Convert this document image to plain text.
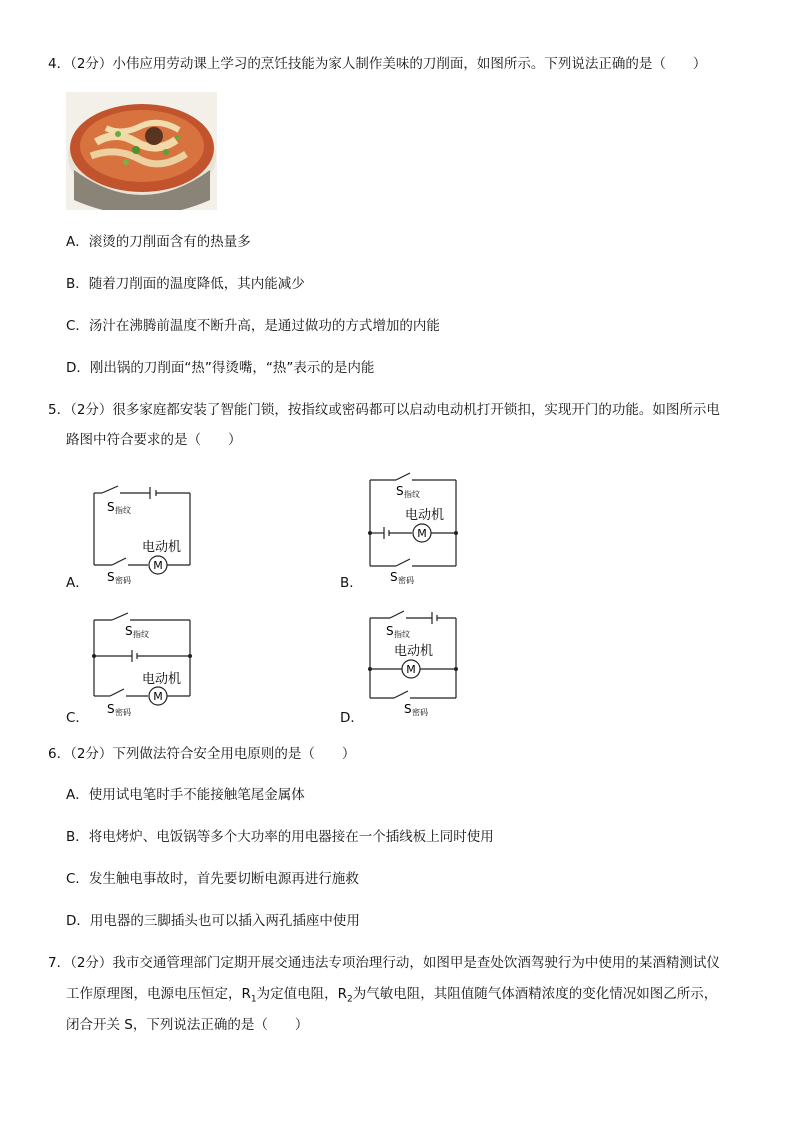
4．（2分）小伟应用劳动课上学习的烹饪技能为家人制作美味的刀削面，如图所示。下列说法正确的是（　　）
A．滚烫的刀削面含有的热量多
B．随着刀削面的温度降低，其内能减少
C．汤汁在沸腾前温度不断升高，是通过做功的方式增加的内能
D．刚出锅的刀削面“热”得烫嘴，“热”表示的是内能
5．（2分）很多家庭都安装了智能门锁，按指纹或密码都可以启动电动机打开锁扣，实现开门的功能。如图所示电
路图中符合要求的是（　　）
A．	B．
C．	D．
M
电动机
S 指纹
S 密码
M
电动机
S 指纹
S 密码
M
电动机
S 指纹
S 密码
M
电动机
S 指纹
S 密码
6．（2分）下列做法符合安全用电原则的是（　　）
A．使用试电笔时手不能接触笔尾金属体
B．将电烤炉、电饭锅等多个大功率的用电器接在一个插线板上同时使用
C．发生触电事故时，首先要切断电源再进行施救
D．用电器的三脚插头也可以插入两孔插座中使用
7．（2分）我市交通管理部门定期开展交通违法专项治理行动，如图甲是查处饮酒驾驶行为中使用的某酒精测试仪
工作原理图，电源电压恒定，$R_1$为定值电阻，$R_2$为气敏电阻，其阻值随气体酒精浓度的变化情况如图乙所示，
闭合开关 S，下列说法正确的是（　　）
